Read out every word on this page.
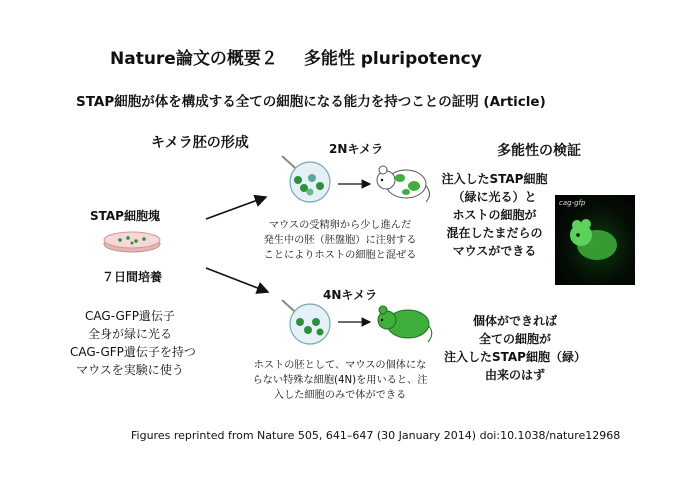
Nature論文の概要２ 多能性 pluripotency
STAP細胞が体を構成する全ての細胞になる能力を持つことの証明 (Article)
キメラ胚の形成	多能性の検証
STAP細胞塊
７日間培養
CAG-GFP遺伝子
全身が緑に光る
CAG-GFP遺伝子を持つ
マウスを実験に使う
2Nキメラ
マウスの受精卵から少し進んだ
発生中の胚（胚盤胞）に注射する
ことによりホストの細胞と混ぜる
注入したSTAP細胞
（緑に光る）と
ホストの細胞が
混在したまだらの
マウスができる
cag-gfp
4Nキメラ
ホストの胚として、マウスの個体にな
らない特殊な細胞(4N)を用いると、注
入した細胞のみで体ができる
個体ができれば
全ての細胞が
注入したSTAP細胞（緑）
由来のはず
Figures reprinted from Nature 505, 641–647 (30 January 2014) doi:10.1038/nature12968
